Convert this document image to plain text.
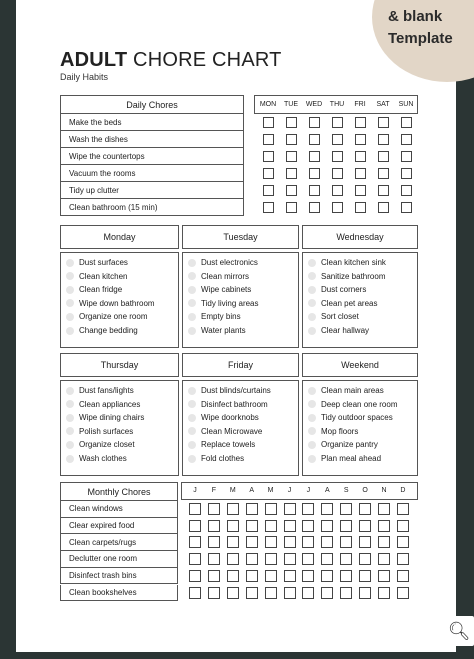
& blank
Template
ADULT CHORE CHART
Daily Habits
Daily Chores
Make the beds
Wash the dishes
Wipe the countertops
Vacuum the rooms
Tidy up clutter
Clean bathroom (15 min)
MON	TUE	WED	THU	FRI	SAT	SUN
Monday
Dust surfaces
Clean kitchen
Clean fridge
Wipe down bathroom
Organize one room
Change bedding
Tuesday
Dust electronics
Clean mirrors
Wipe cabinets
Tidy living areas
Empty bins
Water plants
Wednesday
Clean kitchen sink
Sanitize bathroom
Dust corners
Clean pet areas
Sort closet
Clear hallway
Thursday
Dust fans/lights
Clean appliances
Wipe dining chairs
Polish surfaces
Organize closet
Wash clothes
Friday
Dust blinds/curtains
Disinfect bathroom
Wipe doorknobs
Clean Microwave
Replace towels
Fold clothes
Weekend
Clean main areas
Deep clean one room
Tidy outdoor spaces
Mop floors
Organize pantry
Plan meal ahead
Monthly Chores
Clean windows
Clear expired food
Clean carpets/rugs
Declutter one room
Disinfect trash bins
Clean bookshelves
J	F	M	A	M	J	J	A	S	O	N	D
🔍︎
